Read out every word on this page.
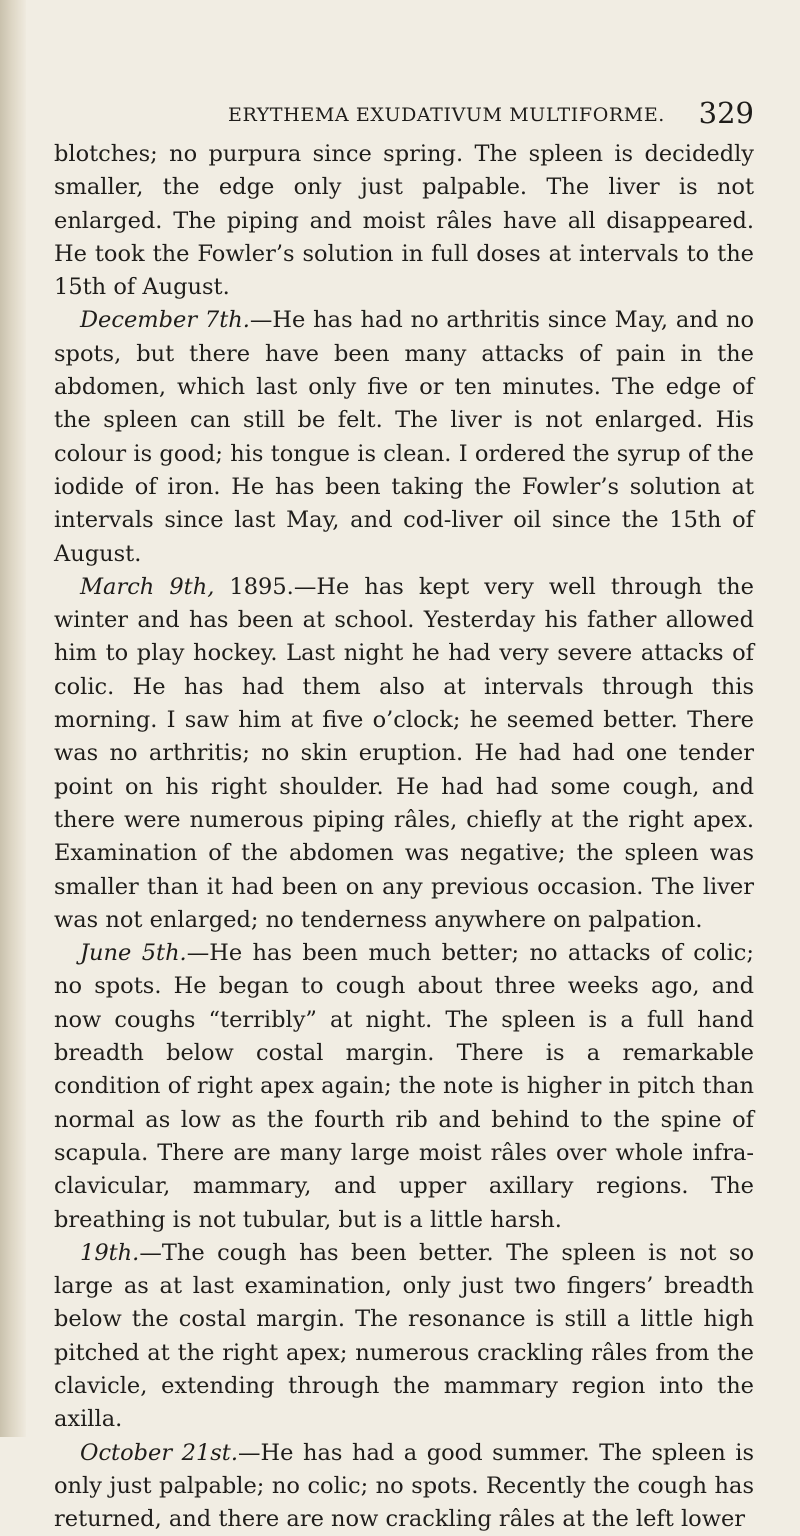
ERYTHEMA EXUDATIVUM MULTIFORME. 329

blotches; no purpura since spring. The spleen is decidedly smaller, the edge only just palpable. The liver is not enlarged. The piping and moist râles have all disappeared. He took the Fowler’s solution in full doses at intervals to the 15th of August.

December 7th.—He has had no arthritis since May, and no spots, but there have been many attacks of pain in the abdomen, which last only five or ten minutes. The edge of the spleen can still be felt. The liver is not enlarged. His colour is good; his tongue is clean. I ordered the syrup of the iodide of iron. He has been taking the Fowler’s solution at intervals since last May, and cod-liver oil since the 15th of August.

March 9th, 1895.—He has kept very well through the winter and has been at school. Yesterday his father allowed him to play hockey. Last night he had very severe attacks of colic. He has had them also at intervals through this morning. I saw him at five o’clock; he seemed better. There was no arthritis; no skin eruption. He had had one tender point on his right shoulder. He had had some cough, and there were numerous piping râles, chiefly at the right apex. Examination of the abdomen was negative; the spleen was smaller than it had been on any previous occasion. The liver was not enlarged; no tenderness anywhere on palpation.

June 5th.—He has been much better; no attacks of colic; no spots. He began to cough about three weeks ago, and now coughs “terribly” at night. The spleen is a full hand breadth below costal margin. There is a remarkable condition of right apex again; the note is higher in pitch than normal as low as the fourth rib and behind to the spine of scapula. There are many large moist râles over whole infra-clavicular, mammary, and upper axillary regions. The breathing is not tubular, but is a little harsh.

19th.—The cough has been better. The spleen is not so large as at last examination, only just two fingers’ breadth below the costal margin. The resonance is still a little high pitched at the right apex; numerous crackling râles from the clavicle, extending through the mammary region into the axilla.

October 21st.—He has had a good summer. The spleen is only just palpable; no colic; no spots. Recently the cough has returned, and there are now crackling râles at the left lower
